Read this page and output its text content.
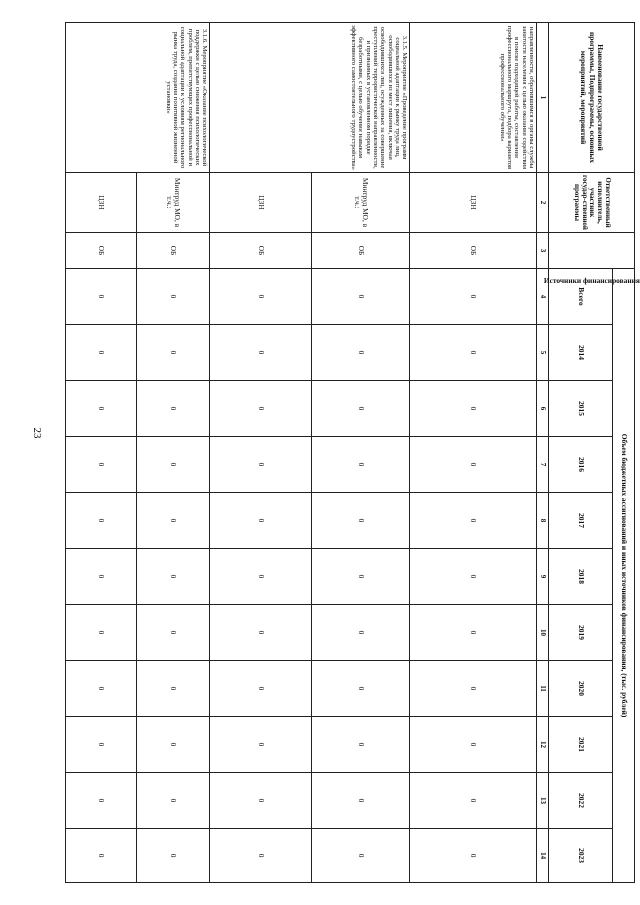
23
Наименование государственной программы, Подпрограммы, основных мероприятий, мероприятий	Ответственный исполнитель, участник государ-ственной программы	Источники финансирования	Объем бюджетных ассигнований и иных источников финансирования, (тыс. рублей)										
			Всего	2014	2015	2016	2017	2018	2019	2020	2021	2022	2023
1	2	3	4	5	6	7	8	9	10	11	12	13	14
направленности, обратившимся в органы службы занятости населения с целью оказания содействия в поиске подходящей работы, составления профессионального маршрута, подбора вариантов профессионального обучения»	ЦЗН	ОБ	0	0	0	0	0	0	0	0	0	0	0
3.1.5. Мероприятие «Проведение программ социальной адаптации к рынку труда лиц, освободившихся из мест лишения, включая освободившихся лиц, осужденных за совершение преступлений террористической направленности, и признанных в установленном порядке безработными, с целью обучения навыкам эффективного самостоятельного трудоустройства»	Минтруд МО, в т.ч.:	ОБ	0	0	0	0	0	0	0	0	0	0	0
	ЦЗН	ОБ	0	0	0	0	0	0	0	0	0	0	0
3.1.6. Мероприятие «Оказание психологической поддержки с целью снижения психологических проблем, препятствующих профессиональной и социальной адаптации к условиям регионального рынка труда, создания позитивной жизненной установки»	Минтруд МО, в т.ч.:	ОБ	0	0	0	0	0	0	0	0	0	0	0
	ЦЗН	ОБ	0	0	0	0	0	0	0	0	0	0	0
